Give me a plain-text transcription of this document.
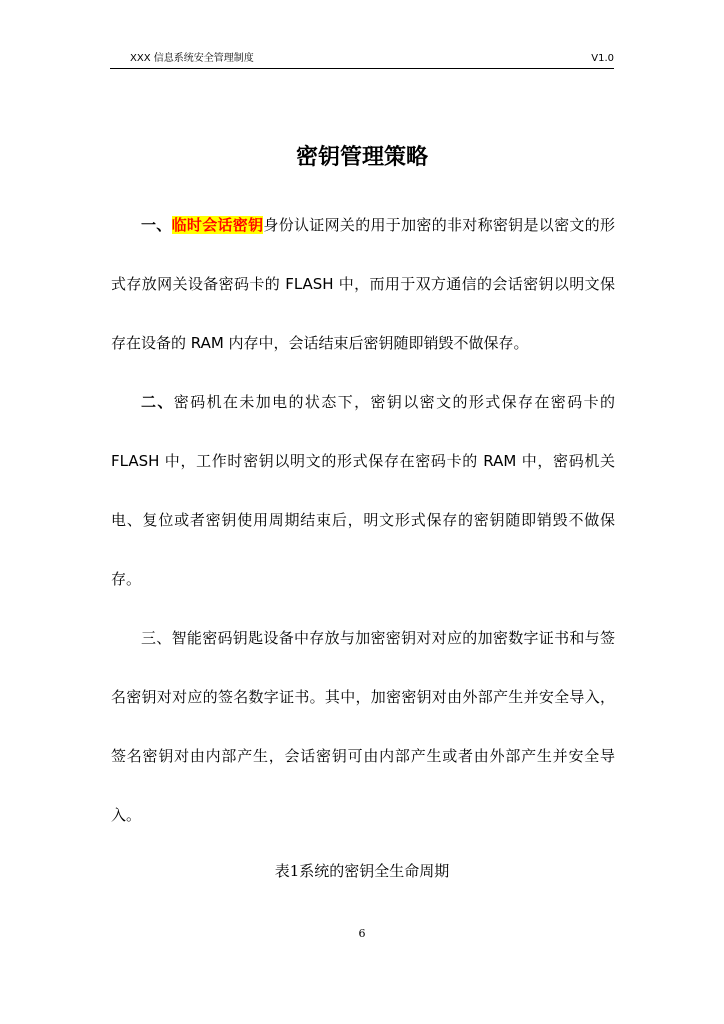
XXX 信息系统安全管理制度	V1.0
密钥管理策略

一、临时会话密钥身份认证网关的用于加密的非对称密钥是以密文的形式存放网关设备密码卡的 FLASH 中，而用于双方通信的会话密钥以明文保存在设备的 RAM 内存中，会话结束后密钥随即销毁不做保存。

二、密码机在未加电的状态下，密钥以密文的形式保存在密码卡的 FLASH 中，工作时密钥以明文的形式保存在密码卡的 RAM 中，密码机关电、复位或者密钥使用周期结束后，明文形式保存的密钥随即销毁不做保存。

三、智能密码钥匙设备中存放与加密密钥对对应的加密数字证书和与签名密钥对对应的签名数字证书。其中，加密密钥对由外部产生并安全导入，签名密钥对由内部产生，会话密钥可由内部产生或者由外部产生并安全导入。

表1系统的密钥全生命周期
6
